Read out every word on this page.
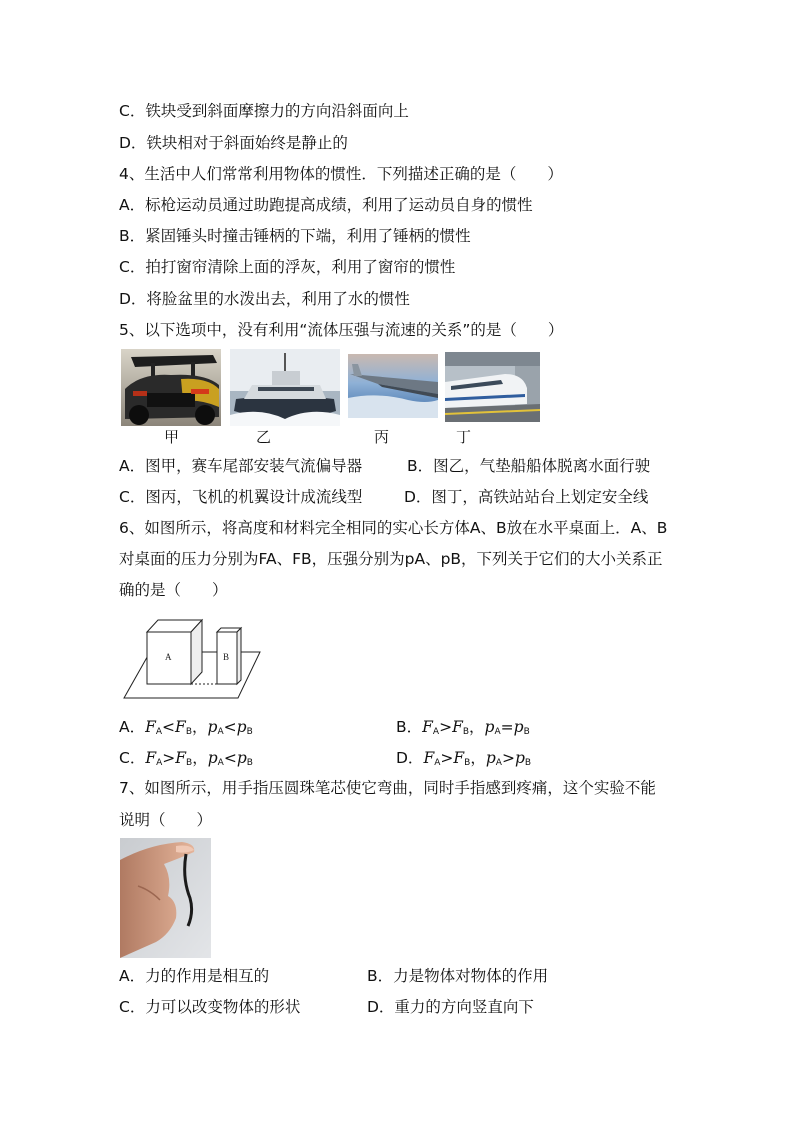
C．铁块受到斜面摩擦力的方向沿斜面向上
D．铁块相对于斜面始终是静止的
4、生活中人们常常利用物体的惯性．下列描述正确的是（　　）
A．标枪运动员通过助跑提高成绩，利用了运动员自身的惯性
B．紧固锤头时撞击锤柄的下端，利用了锤柄的惯性
C．拍打窗帘清除上面的浮灰，利用了窗帘的惯性
D．将脸盆里的水泼出去，利用了水的惯性
5、以下选项中，没有利用“流体压强与流速的关系”的是（　　）
甲	乙	丙	丁
A．图甲，赛车尾部安装气流偏导器	B．图乙，气垫船船体脱离水面行驶
C．图丙，飞机的机翼设计成流线型	D．图丁，高铁站站台上划定安全线
6、如图所示，将高度和材料完全相同的实心长方体A、B放在水平桌面上．A、B
对桌面的压力分别为FA、FB，压强分别为pA、pB，下列关于它们的大小关系正
确的是（　　）
A	B
A．$F_A<F_B$，$p_A<p_B$	B．$F_A>F_B$，$p_A=p_B$
C．$F_A>F_B$，$p_A<p_B$	D．$F_A>F_B$，$p_A>p_B$
7、如图所示，用手指压圆珠笔芯使它弯曲，同时手指感到疼痛，这个实验不能
说明（　　）
A．力的作用是相互的	B．力是物体对物体的作用
C．力可以改变物体的形状	D．重力的方向竖直向下
